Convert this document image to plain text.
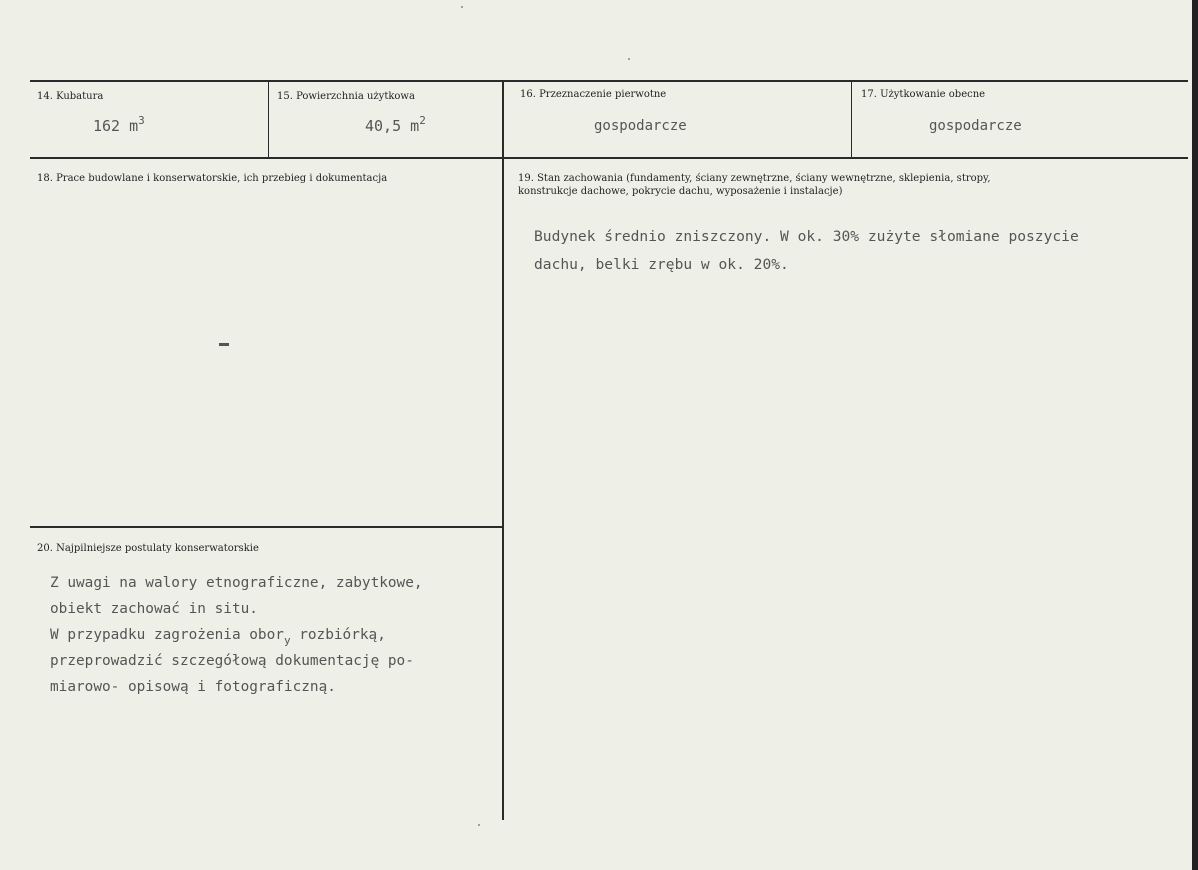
14. Kubatura
162 $m^3$
15. Powierzchnia użytkowa
40,5 $m^2$
16. Przeznaczenie pierwotne
gospodarcze
17. Użytkowanie obecne
gospodarcze
18. Prace budowlane i konserwatorskie, ich przebieg i dokumentacja	19. Stan zachowania (fundamenty, ściany zewnętrzne, ściany wewnętrzne, sklepienia, stropy,
konstrukcje dachowe, pokrycie dachu, wyposażenie i instalacje)
Budynek średnio zniszczony. W ok. 30% zużyte słomiane poszycie
dachu, belki zrębu w ok. 20%.
20. Najpilniejsze postulaty konserwatorskie
Z uwagi na walory etnograficzne, zabytkowe,
obiekt zachować in situ.
W przypadku zagrożenia obor$_y$ rozbiórką,
przeprowadzić szczegółową dokumentację po-
miarowo- opisową i fotograficzną.
